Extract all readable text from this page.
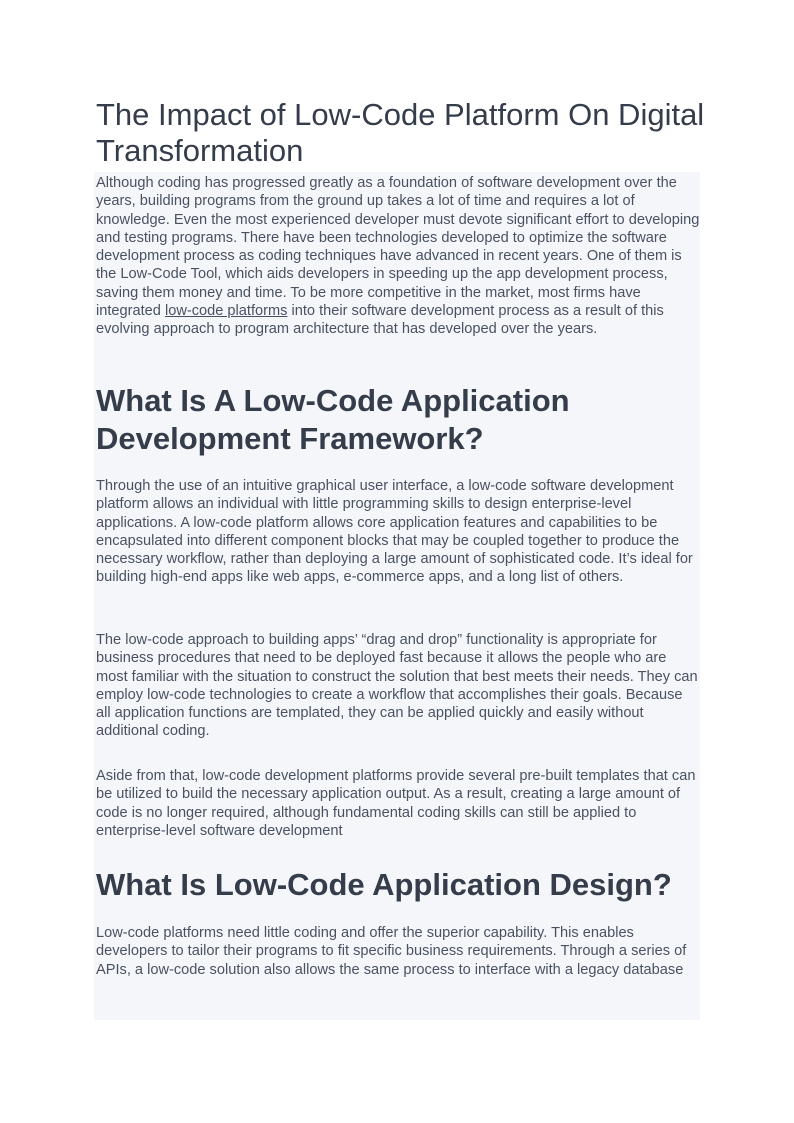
The Impact of Low-Code Platform On Digital Transformation

Although coding has progressed greatly as a foundation of software development over the years, building programs from the ground up takes a lot of time and requires a lot of knowledge. Even the most experienced developer must devote significant effort to developing and testing programs. There have been technologies developed to optimize the software development process as coding techniques have advanced in recent years. One of them is the Low-Code Tool, which aids developers in speeding up the app development process, saving them money and time. To be more competitive in the market, most firms have integrated low-code platforms into their software development process as a result of this evolving approach to program architecture that has developed over the years.

What Is A Low-Code Application Development Framework?

Through the use of an intuitive graphical user interface, a low-code software development platform allows an individual with little programming skills to design enterprise-level applications. A low-code platform allows core application features and capabilities to be encapsulated into different component blocks that may be coupled together to produce the necessary workflow, rather than deploying a large amount of sophisticated code. It’s ideal for building high-end apps like web apps, e-commerce apps, and a long list of others.

The low-code approach to building apps’ “drag and drop” functionality is appropriate for business procedures that need to be deployed fast because it allows the people who are most familiar with the situation to construct the solution that best meets their needs. They can employ low-code technologies to create a workflow that accomplishes their goals. Because all application functions are templated, they can be applied quickly and easily without additional coding.

Aside from that, low-code development platforms provide several pre-built templates that can be utilized to build the necessary application output. As a result, creating a large amount of code is no longer required, although fundamental coding skills can still be applied to enterprise-level software development

What Is Low-Code Application Design?

Low-code platforms need little coding and offer the superior capability. This enables developers to tailor their programs to fit specific business requirements. Through a series of APIs, a low-code solution also allows the same process to interface with a legacy database
